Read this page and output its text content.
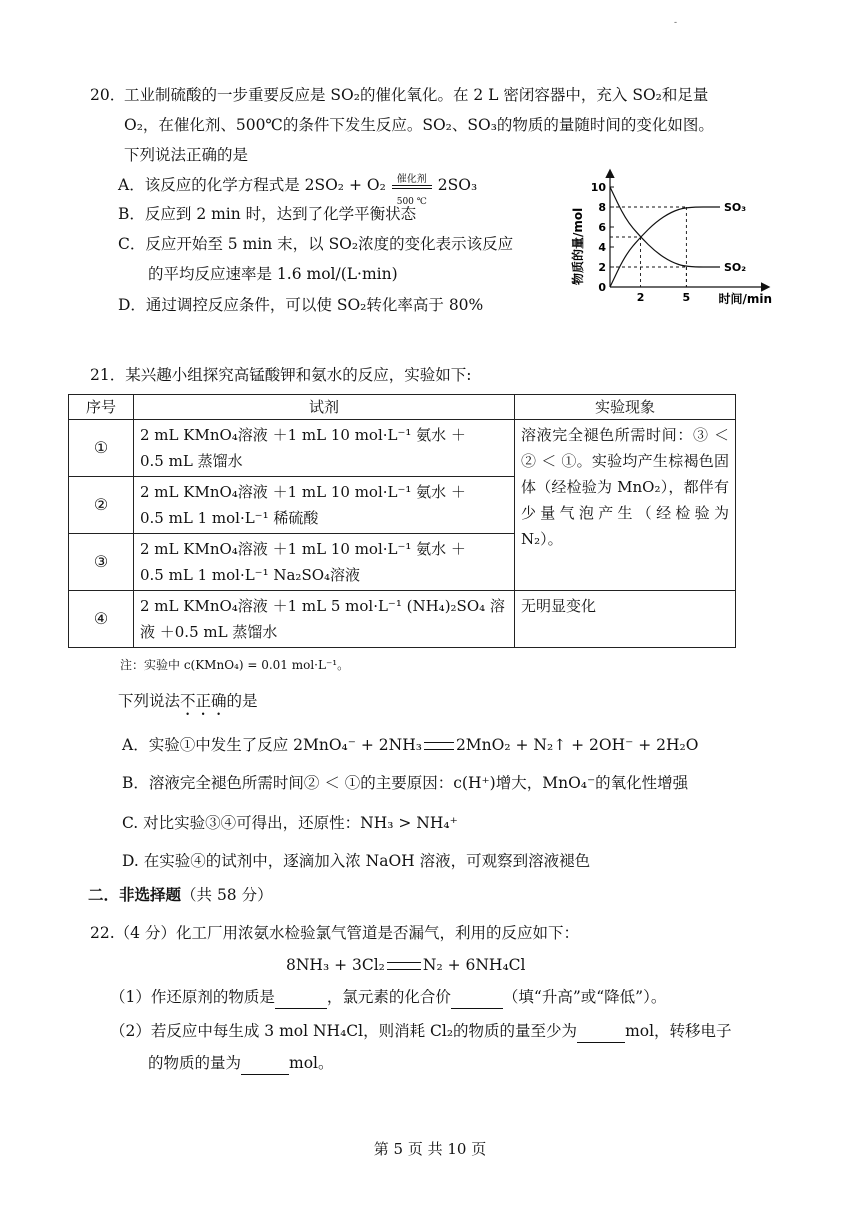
-
20．
工业制硫酸的一步重要反应是 SO₂的催化氧化。在 2 L 密闭容器中，充入 SO₂和足量
O₂，在催化剂、500℃的条件下发生反应。SO₂、SO₃的物质的量随时间的变化如图。
下列说法正确的是
A．该反应的化学方程式是 2SO₂ + O₂	催化剂
500 ℃
2SO₃
B．反应到 2 min 时，达到了化学平衡状态
C．反应开始至 5 min 末，以 SO₂浓度的变化表示该反应
的平均反应速率是 1.6 mol/(L·min)
D．通过调控反应条件，可以使 SO₂转化率高于 80%
0
2
4
6
8
10
2	5
SO₃
SO₂
物质的量/mol
时间/min
21．某兴趣小组探究高锰酸钾和氨水的反应，实验如下:
序号	试剂	实验现象
①	2 mL KMnO₄溶液 ＋1 mL 10 mol·L⁻¹ 氨水 ＋
0.5 mL 蒸馏水	溶液完全褪色所需时间：③ ＜ ② ＜ ①。实验均产生棕褐色固体（经检验为 MnO₂），都伴有少量气泡产生（经检验为 N₂）。
②	2 mL KMnO₄溶液 ＋1 mL 10 mol·L⁻¹ 氨水 ＋
0.5 mL 1 mol·L⁻¹ 稀硫酸	

③	2 mL KMnO₄溶液 ＋1 mL 10 mol·L⁻¹ 氨水 ＋
0.5 mL 1 mol·L⁻¹ Na₂SO₄溶液	

④	2 mL KMnO₄溶液 ＋1 mL 5 mol·L⁻¹ (NH₄)₂SO₄ 溶
液 ＋0.5 mL 蒸馏水	无明显变化
注：实验中 c(KMnO₄) = 0.01 mol·L⁻¹。
下列说法不正确的是
A．实验①中发生了反应 2MnO₄⁻ + 2NH₃ 2MnO₂ + N₂↑ + 2OH⁻ + 2H₂O
B．溶液完全褪色所需时间② ＜ ①的主要原因：c(H⁺)增大，MnO₄⁻的氧化性增强
C. 对比实验③④可得出，还原性：NH₃ > NH₄⁺
D. 在实验④的试剂中，逐滴加入浓 NaOH 溶液，可观察到溶液褪色
二．非选择题（共 58 分）
22.（4 分）化工厂用浓氨水检验氯气管道是否漏气，利用的反应如下：
8NH₃ + 3Cl₂ N₂ + 6NH₄Cl
（1）作还原剂的物质是	，氯元素的化合价	（填“升高”或“降低”）。
（2）若反应中每生成 3 mol NH₄Cl，则消耗 Cl₂的物质的量至少为	mol，转移电子
的物质的量为	mol。
第 5 页 共 10 页
